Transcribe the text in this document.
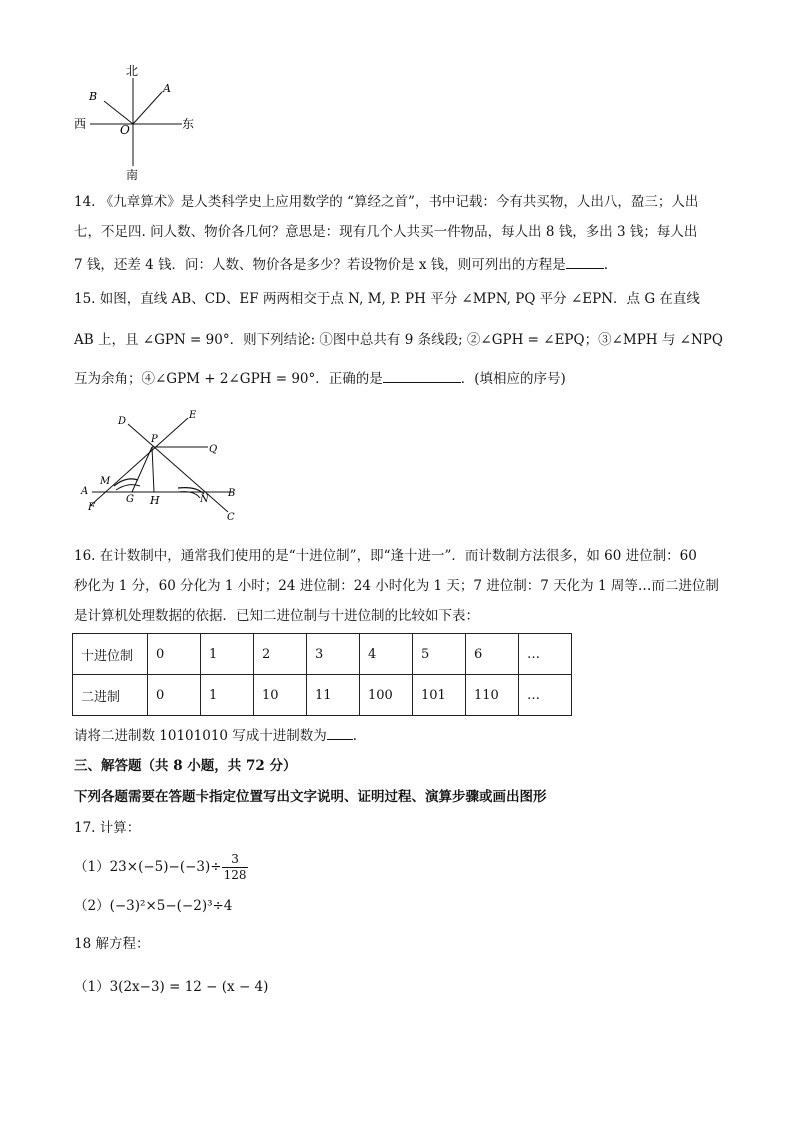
北
南
西	东
A
B
O
14. 《九章算术》是人类科学史上应用数学的 “算经之首”，书中记载：今有共买物，人出八，盈三；人出
七，不足四. 问人数、物价各几何？意思是：现有几个人共买一件物品，每人出 8 钱，多出 3 钱；每人出
7 钱，还差 4 钱．问：人数、物价各是多少？若设物价是 x 钱，则可列出的方程是	.
15. 如图，直线 AB、CD、EF 两两相交于点 N, M, P. PH 平分 ∠MPN, PQ 平分 ∠EPN．点 G 在直线
AB 上，且 ∠GPN = 90°．则下列结论: ①图中总共有 9 条线段; ②∠GPH = ∠EPQ；③∠MPH 与 ∠NPQ
互为余角；④∠GPM + 2∠GPH = 90°．正确的是	．(填相应的序号)
D
E
P
Q
M
A
G H	N
B
F
C
16. 在计数制中，通常我们使用的是“十进位制”，即“逢十进一”．而计数制方法很多，如 60 进位制：60
秒化为 1 分，60 分化为 1 小时；24 进位制：24 小时化为 1 天；7 进位制：7 天化为 1 周等…而二进位制
是计算机处理数据的依据．已知二进位制与十进位制的比较如下表：
十进位制	0	1	2	3	4	5	6	…
二进制	0	1	10	11	100	101	110	…
请将二进制数 10101010 写成十进制数为 .
三、解答题（共 8 小题，共 72 分）
下列各题需要在答题卡指定位置写出文字说明、证明过程、演算步骤或画出图形
17. 计算：
$(1)23\times(-5)-(-3)\div \frac{3}{128}$
（2）(−3)²×5−(−2)³÷4
18 解方程：
（1）3(2x−3) = 12 − (x − 4)
